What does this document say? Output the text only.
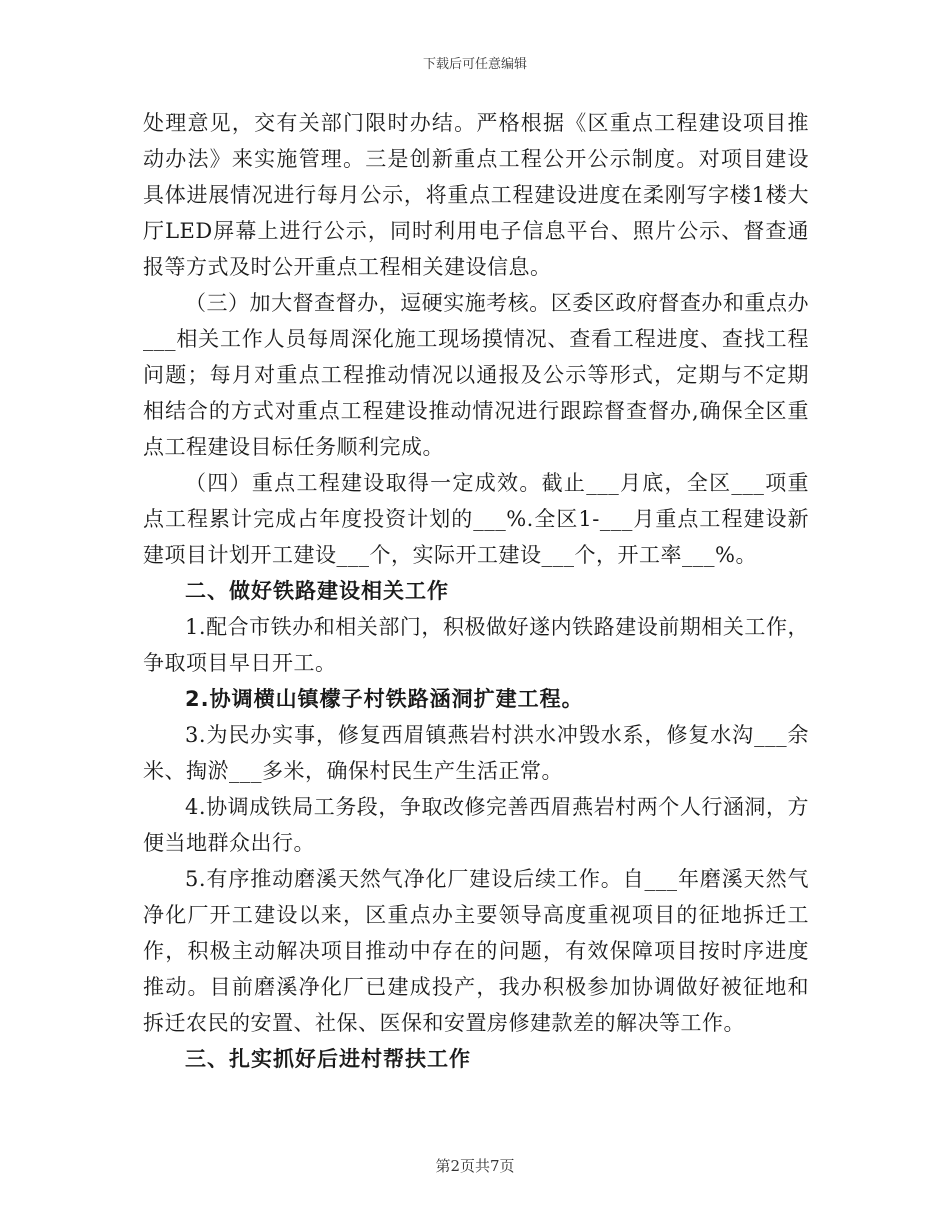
下载后可任意编辑

处理意见，交有关部门限时办结。严格根据《区重点工程建设项目推动办法》来实施管理。三是创新重点工程公开公示制度。对项目建设具体进展情况进行每月公示，将重点工程建设进度在柔刚写字楼1楼大厅LED屏幕上进行公示，同时利用电子信息平台、照片公示、督查通报等方式及时公开重点工程相关建设信息。

（三）加大督查督办，逗硬实施考核。区委区政府督查办和重点办___相关工作人员每周深化施工现场摸情况、查看工程进度、查找工程问题；每月对重点工程推动情况以通报及公示等形式，定期与不定期相结合的方式对重点工程建设推动情况进行跟踪督查督办,确保全区重点工程建设目标任务顺利完成。

（四）重点工程建设取得一定成效。截止___月底，全区___项重点工程累计完成占年度投资计划的___%.全区1-___月重点工程建设新建项目计划开工建设___个，实际开工建设___个，开工率___%。

二、做好铁路建设相关工作

1.配合市铁办和相关部门，积极做好遂内铁路建设前期相关工作，争取项目早日开工。

2.协调横山镇檬子村铁路涵洞扩建工程。

3.为民办实事，修复西眉镇燕岩村洪水冲毁水系，修复水沟___余米、掏淤___多米，确保村民生产生活正常。

4.协调成铁局工务段，争取改修完善西眉燕岩村两个人行涵洞，方便当地群众出行。

5.有序推动磨溪天然气净化厂建设后续工作。自___年磨溪天然气净化厂开工建设以来，区重点办主要领导高度重视项目的征地拆迁工作，积极主动解决项目推动中存在的问题，有效保障项目按时序进度推动。目前磨溪净化厂已建成投产，我办积极参加协调做好被征地和拆迁农民的安置、社保、医保和安置房修建款差的解决等工作。

三、扎实抓好后进村帮扶工作

第2页共7页
